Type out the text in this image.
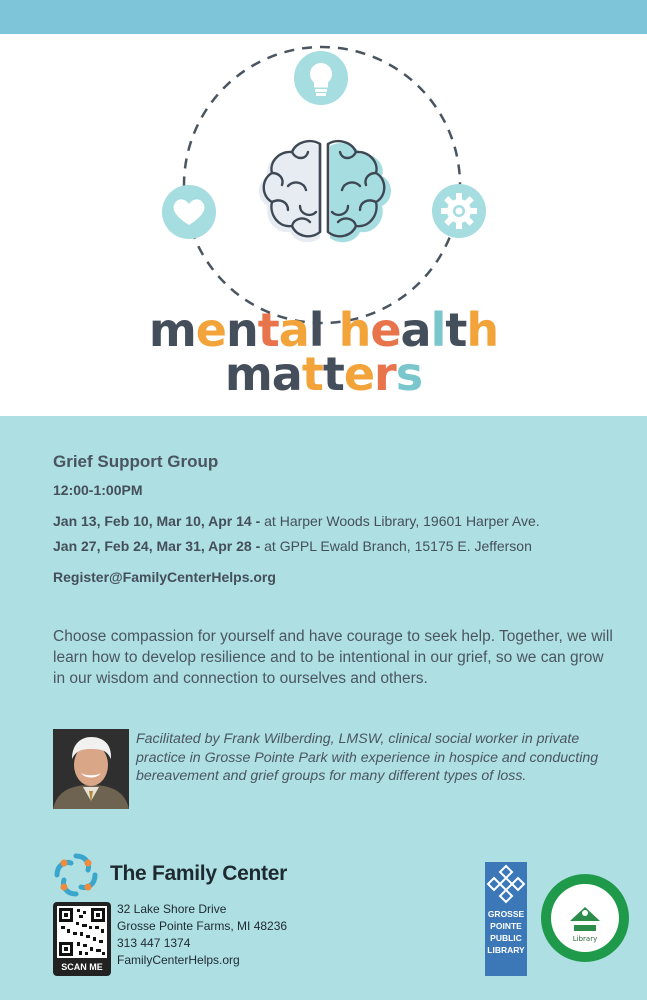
mental health
matters
Grief Support Group
12:00-1:00PM
Jan 13, Feb 10, Mar 10, Apr 14 - at Harper Woods Library, 19601 Harper Ave.
Jan 27, Feb 24, Mar 31, Apr 28 - at GPPL Ewald Branch, 15175 E. Jefferson
Register@FamilyCenterHelps.org
Choose compassion for yourself and have courage to seek help. Together, we will learn how to develop resilience and to be intentional in our grief, so we can grow in our wisdom and connection to ourselves and others.
Facilitated by Frank Wilberding, LMSW, clinical social worker in private practice in Grosse Pointe Park with experience in hospice and conducting bereavement and grief groups for many different types of loss.
The Family Center
SCAN ME
32 Lake Shore Drive
Grosse Pointe Farms, MI 48236
313 447 1374
FamilyCenterHelps.org
GROSSE
POINTE
PUBLIC
LIBRARY
Library
